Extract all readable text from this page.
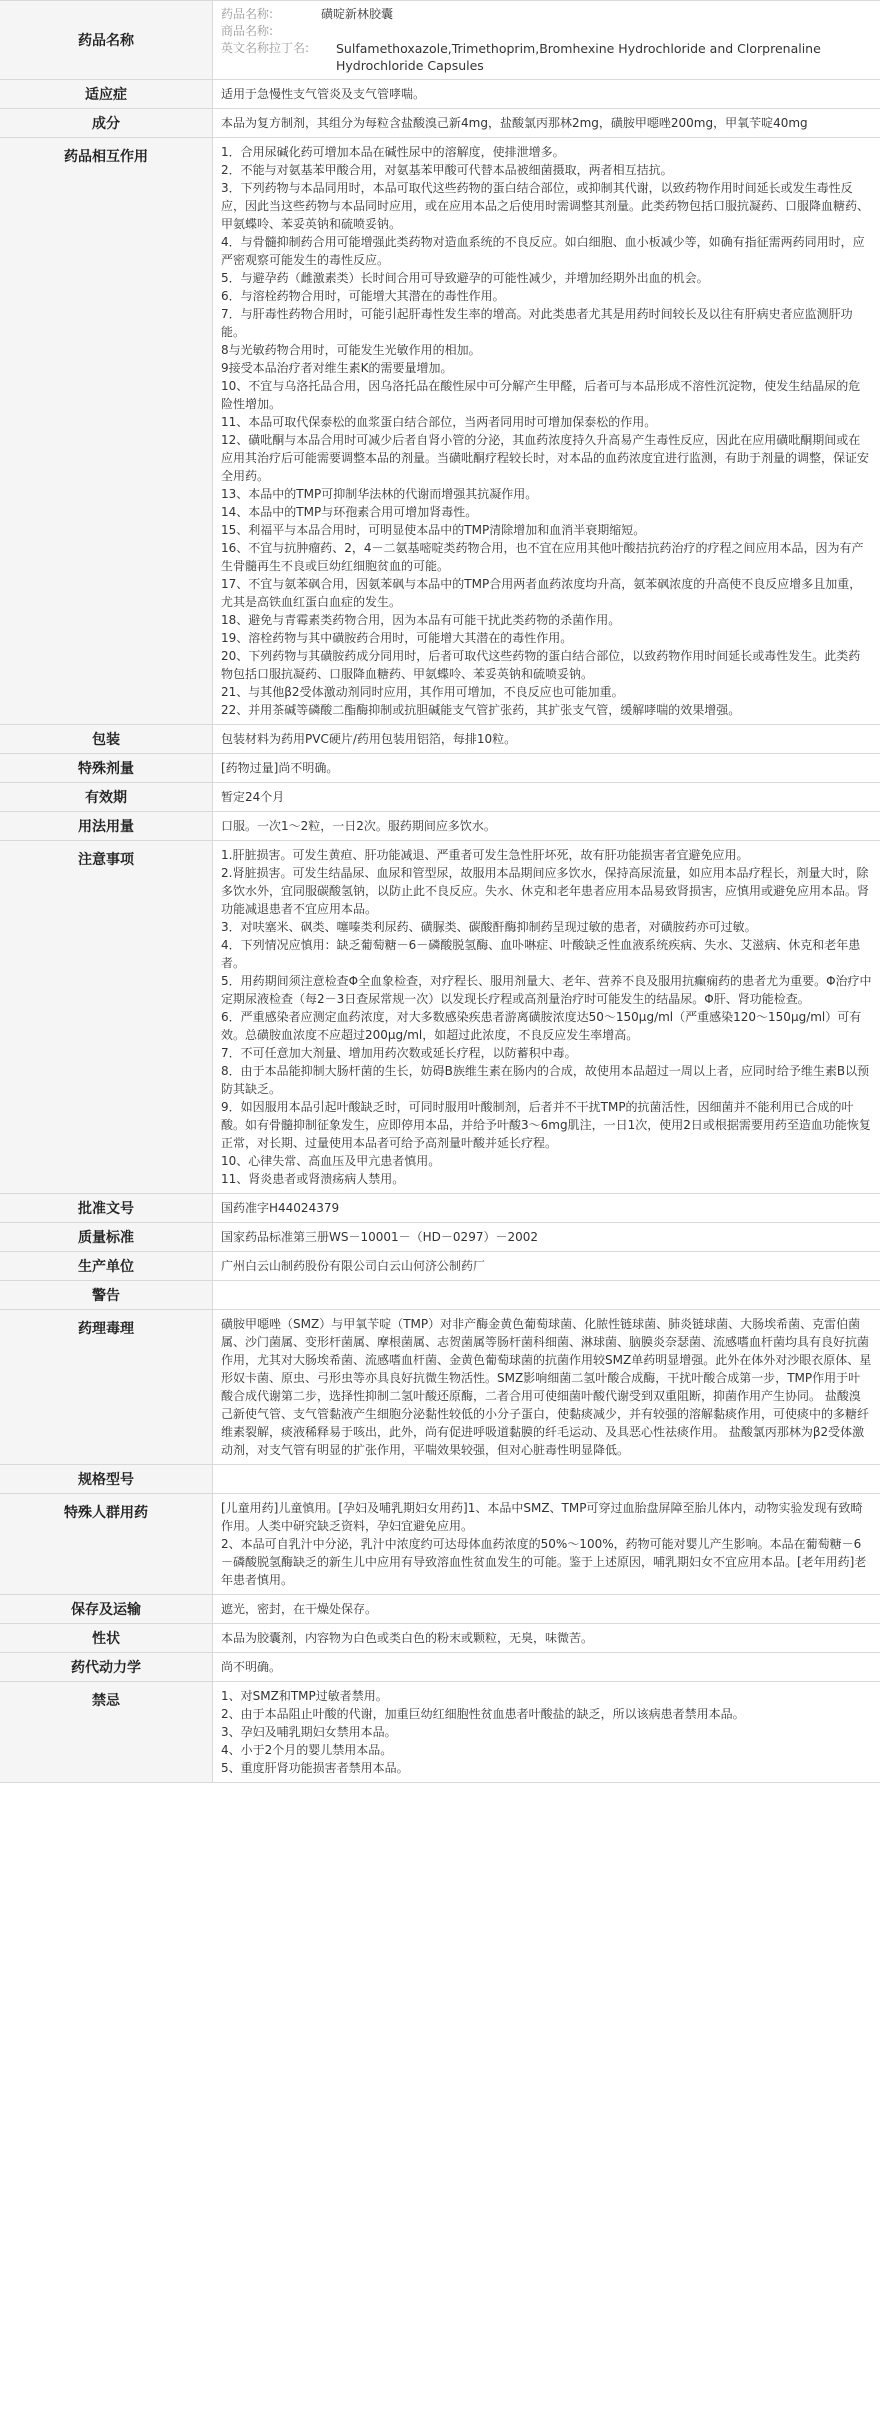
药品名称
药品名称:	磺啶新林胶囊
商品名称:
英文名称拉丁名:	Sulfamethoxazole,Trimethoprim,Bromhexine Hydrochloride and Clorprenaline Hydrochloride Capsules
适应症	适用于急慢性支气管炎及支气管哮喘。

成分	本品为复方制剂，其组分为每粒含盐酸溴己新4mg，盐酸氯丙那林2mg，磺胺甲噁唑200mg，甲氧苄啶40mg

药品相互作用	1．合用尿碱化药可增加本品在碱性尿中的溶解度，使排泄增多。

2．不能与对氨基苯甲酸合用，对氨基苯甲酸可代替本品被细菌摄取，两者相互拮抗。

3．下列药物与本品同用时，本品可取代这些药物的蛋白结合部位，或抑制其代谢，以致药物作用时间延长或发生毒性反应，因此当这些药物与本品同时应用，或在应用本品之后使用时需调整其剂量。此类药物包括口服抗凝药、口服降血糖药、甲氨蝶呤、苯妥英钠和硫喷妥钠。

4．与骨髓抑制药合用可能增强此类药物对造血系统的不良反应。如白细胞、血小板减少等，如确有指征需两药同用时，应严密观察可能发生的毒性反应。

5．与避孕药（雌激素类）长时间合用可导致避孕的可能性减少，并增加经期外出血的机会。

6．与溶栓药物合用时，可能增大其潜在的毒性作用。

7．与肝毒性药物合用时，可能引起肝毒性发生率的增高。对此类患者尤其是用药时间较长及以往有肝病史者应监测肝功能。

8与光敏药物合用时，可能发生光敏作用的相加。

9接受本品治疗者对维生素K的需要量增加。

10、不宜与乌洛托品合用，因乌洛托品在酸性尿中可分解产生甲醛，后者可与本品形成不溶性沉淀物，使发生结晶尿的危险性增加。

11、本品可取代保泰松的血浆蛋白结合部位，当两者同用时可增加保泰松的作用。

12、磺吡酮与本品合用时可减少后者自肾小管的分泌，其血药浓度持久升高易产生毒性反应，因此在应用磺吡酮期间或在应用其治疗后可能需要调整本品的剂量。当磺吡酮疗程较长时，对本品的血药浓度宜进行监测，有助于剂量的调整，保证安全用药。

13、本品中的TMP可抑制华法林的代谢而增强其抗凝作用。

14、本品中的TMP与环孢素合用可增加肾毒性。

15、利福平与本品合用时，可明显使本品中的TMP清除增加和血消半衰期缩短。

16、不宜与抗肿瘤药、2，4－二氨基嘧啶类药物合用，也不宜在应用其他叶酸拮抗药治疗的疗程之间应用本品，因为有产生骨髓再生不良或巨幼红细胞贫血的可能。

17、不宜与氨苯砜合用，因氨苯砜与本品中的TMP合用两者血药浓度均升高，氨苯砜浓度的升高使不良反应增多且加重，尤其是高铁血红蛋白血症的发生。

18、避免与青霉素类药物合用，因为本品有可能干扰此类药物的杀菌作用。

19、溶栓药物与其中磺胺药合用时，可能增大其潜在的毒性作用。

20、下列药物与其磺胺药成分同用时，后者可取代这些药物的蛋白结合部位，以致药物作用时间延长或毒性发生。此类药物包括口服抗凝药、口服降血糖药、甲氨蝶呤、苯妥英钠和硫喷妥钠。

21、与其他β2受体激动剂同时应用，其作用可增加，不良反应也可能加重。

22、并用茶碱等磷酸二酯酶抑制或抗胆碱能支气管扩张药，其扩张支气管，缓解哮喘的效果增强。

包装	包装材料为药用PVC硬片/药用包装用铝箔，每排10粒。

特殊剂量	[药物过量]尚不明确。

有效期	暂定24个月

用法用量	口服。一次1～2粒，一日2次。服药期间应多饮水。

注意事项	1.肝脏损害。可发生黄疸、肝功能减退、严重者可发生急性肝坏死，故有肝功能损害者宜避免应用。

2.肾脏损害。可发生结晶尿、血尿和管型尿，故服用本品期间应多饮水，保持高尿流量，如应用本品疗程长，剂量大时，除多饮水外，宜同服碳酸氢钠，以防止此不良反应。失水、休克和老年患者应用本品易致肾损害，应慎用或避免应用本品。肾功能减退患者不宜应用本品。

3．对呋塞米、砜类、噻嗪类利尿药、磺脲类、碳酸酐酶抑制药呈现过敏的患者，对磺胺药亦可过敏。

4．下列情况应慎用：缺乏葡萄糖－6－磷酸脱氢酶、血卟啉症、叶酸缺乏性血液系统疾病、失水、艾滋病、休克和老年患者。

5．用药期间须注意检查Φ全血象检查，对疗程长、服用剂量大、老年、营养不良及服用抗癫痫药的患者尤为重要。Φ治疗中定期尿液检查（每2－3日查尿常规一次）以发现长疗程或高剂量治疗时可能发生的结晶尿。Φ肝、肾功能检查。

6．严重感染者应测定血药浓度，对大多数感染疾患者游离磺胺浓度达50～150μg/ml（严重感染120～150μg/ml）可有效。总磺胺血浓度不应超过200μg/ml，如超过此浓度，不良反应发生率增高。

7．不可任意加大剂量、增加用药次数或延长疗程，以防蓄积中毒。

8．由于本品能抑制大肠杆菌的生长，妨碍B族维生素在肠内的合成，故使用本品超过一周以上者，应同时给予维生素B以预防其缺乏。

9．如因服用本品引起叶酸缺乏时，可同时服用叶酸制剂，后者并不干扰TMP的抗菌活性，因细菌并不能利用已合成的叶酸。如有骨髓抑制征象发生，应即停用本品，并给予叶酸3～6mg肌注，一日1次，使用2日或根据需要用药至造血功能恢复正常，对长期、过量使用本品者可给予高剂量叶酸并延长疗程。

10、心律失常、高血压及甲亢患者慎用。

11、肾炎患者或肾溃疡病人禁用。

批准文号	国药准字H44024379

质量标准	国家药品标准第三册WS－10001－（HD－0297）－2002

生产单位	广州白云山制药股份有限公司白云山何济公制药厂

警告
药理毒理	磺胺甲噁唑（SMZ）与甲氧苄啶（TMP）对非产酶金黄色葡萄球菌、化脓性链球菌、肺炎链球菌、大肠埃希菌、克雷伯菌属、沙门菌属、变形杆菌属、摩根菌属、志贺菌属等肠杆菌科细菌、淋球菌、脑膜炎奈瑟菌、流感嗜血杆菌均具有良好抗菌作用，尤其对大肠埃希菌、流感嗜血杆菌、金黄色葡萄球菌的抗菌作用较SMZ单药明显增强。此外在体外对沙眼衣原体、星形奴卡菌、原虫、弓形虫等亦具良好抗微生物活性。SMZ影响细菌二氢叶酸合成酶，干扰叶酸合成第一步，TMP作用于叶酸合成代谢第二步，选择性抑制二氢叶酸还原酶，二者合用可使细菌叶酸代谢受到双重阻断，抑菌作用产生协同。 盐酸溴己新使气管、支气管黏液产生细胞分泌黏性较低的小分子蛋白，使黏痰减少，并有较强的溶解黏痰作用，可使痰中的多糖纤维素裂解，痰液稀释易于咳出，此外，尚有促进呼吸道黏膜的纤毛运动、及具恶心性祛痰作用。 盐酸氯丙那林为β2受体激动剂，对支气管有明显的扩张作用，平喘效果较强，但对心脏毒性明显降低。

规格型号
特殊人群用药	[儿童用药]儿童慎用。[孕妇及哺乳期妇女用药]1、本品中SMZ、TMP可穿过血胎盘屏障至胎儿体内，动物实验发现有致畸作用。人类中研究缺乏资料，孕妇宜避免应用。

2、本品可自乳汁中分泌，乳汁中浓度约可达母体血药浓度的50%～100%，药物可能对婴儿产生影响。本品在葡萄糖－6－磷酸脱氢酶缺乏的新生儿中应用有导致溶血性贫血发生的可能。鉴于上述原因，哺乳期妇女不宜应用本品。[老年用药]老年患者慎用。

保存及运输	遮光，密封，在干燥处保存。

性状	本品为胶囊剂，内容物为白色或类白色的粉末或颗粒，无臭，味微苦。

药代动力学	尚不明确。

禁忌	1、对SMZ和TMP过敏者禁用。

2、由于本品阻止叶酸的代谢，加重巨幼红细胞性贫血患者叶酸盐的缺乏，所以该病患者禁用本品。

3、孕妇及哺乳期妇女禁用本品。

4、小于2个月的婴儿禁用本品。

5、重度肝肾功能损害者禁用本品。
